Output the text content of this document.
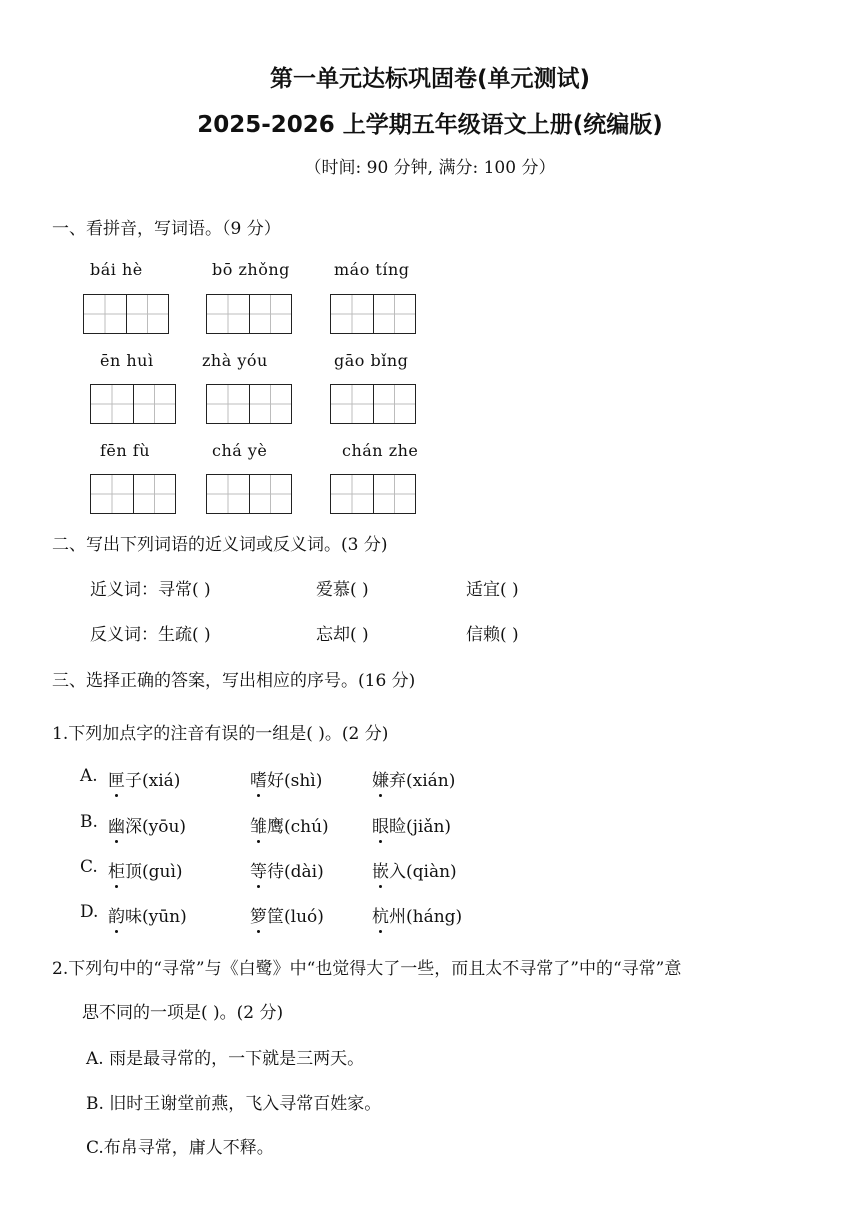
第一单元达标巩固卷(单元测试)
2025-2026 上学期五年级语文上册(统编版)
（时间: 90 分钟, 满分: 100 分）
一、看拼音，写词语。（9 分）
bái hè	bō zhǒng	máo tíng
ēn huì	zhà yóu	gāo bǐng
fēn fù	chá yè	chán zhe
二、写出下列词语的近义词或反义词。(3 分)
近义词：寻常( )	爱慕( )	适宜( )
反义词：生疏( )	忘却( )	信赖( )
三、选择正确的答案，写出相应的序号。(16 分)
1.下列加点字的注音有误的一组是( )。(2 分)
A. 匣子(xiá)	嗜好(shì)	嫌弃(xián)
B. 幽深(yōu)	雏鹰(chú)	眼睑(jiǎn)
C. 柜顶(guì)	等待(dài)	嵌入(qiàn)
D. 韵味(yūn)	箩筐(luó)	杭州(háng)
2.下列句中的“寻常”与《白鹭》中“也觉得大了一些，而且太不寻常了”中的“寻常”意
思不同的一项是( )。(2 分)
A. 雨是最寻常的，一下就是三两天。
B. 旧时王谢堂前燕，飞入寻常百姓家。
C.布帛寻常，庸人不释。
